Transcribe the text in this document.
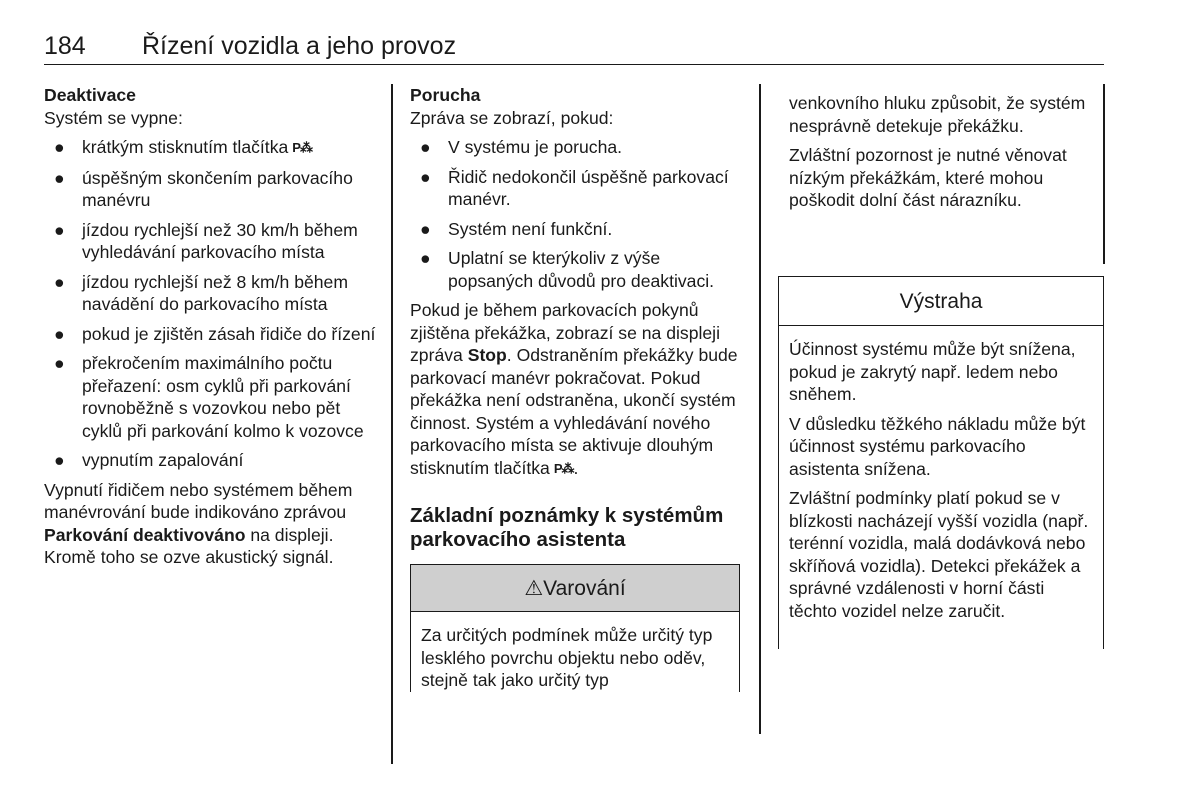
184 Řízení vozidla a jeho provoz
Deaktivace

Systém se vypne:

● krátkým stisknutím tlačítka P⁂
● úspěšným skončením parkovacího manévru
● jízdou rychlejší než 30 km/h během vyhledávání parkovacího místa
● jízdou rychlejší než 8 km/h během navádění do parkovacího místa
● pokud je zjištěn zásah řidiče do řízení
● překročením maximálního počtu přeřazení: osm cyklů při parkování rovnoběžně s vozovkou nebo pět cyklů při parkování kolmo k vozovce
● vypnutím zapalování

Vypnutí řidičem nebo systémem během manévrování bude indikováno zprávou Parkování deaktivováno na displeji. Kromě toho se ozve akustický signál.

Porucha

Zpráva se zobrazí, pokud:

● V systému je porucha.
● Řidič nedokončil úspěšně parkovací manévr.
● Systém není funkční.
● Uplatní se kterýkoliv z výše popsaných důvodů pro deaktivaci.

Pokud je během parkovacích pokynů zjištěna překážka, zobrazí se na displeji zpráva Stop. Odstraněním překážky bude parkovací manévr pokračovat. Pokud překážka není odstraněna, ukončí systém činnost. Systém a vyhledávání nového parkovacího místa se aktivuje dlouhým stisknutím tlačítka P⁂.

Základní poznámky k systémům parkovacího asistenta
⚠Varování

Za určitých podmínek může určitý typ lesklého povrchu objektu nebo oděv, stejně tak jako určitý typ

venkovního hluku způsobit, že systém nesprávně detekuje překážku.

Zvláštní pozornost je nutné věnovat nízkým překážkám, které mohou poškodit dolní část nárazníku.

Výstraha

Účinnost systému může být snížena, pokud je zakrytý např. ledem nebo sněhem.

V důsledku těžkého nákladu může být účinnost systému parkovacího asistenta snížena.

Zvláštní podmínky platí pokud se v blízkosti nacházejí vyšší vozidla (např. terénní vozidla, malá dodávková nebo skříňová vozidla). Detekci překážek a správné vzdálenosti v horní části těchto vozidel nelze zaručit.
